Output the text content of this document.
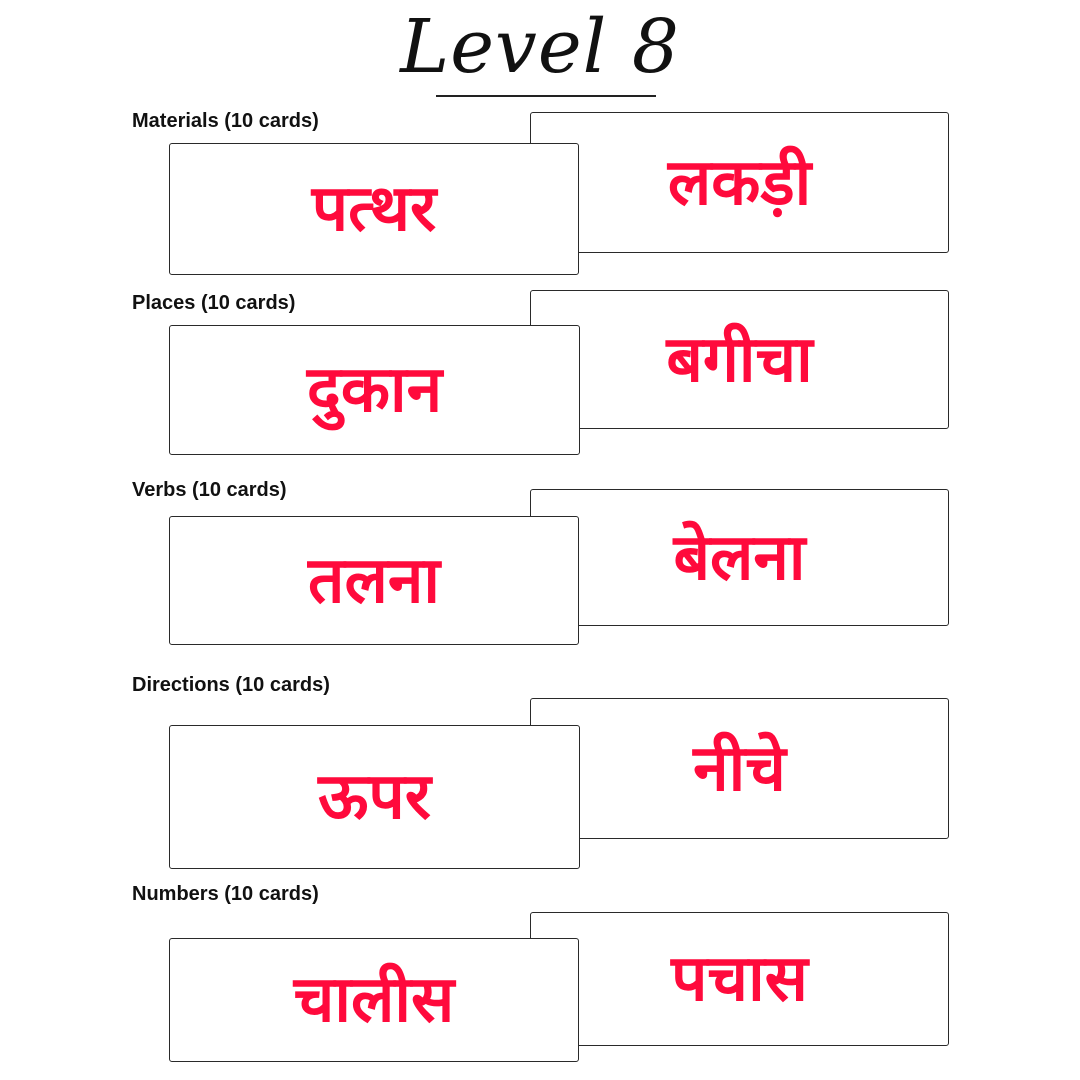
Level 8
Materials (10 cards)
लकड़ी
पत्थर
Places (10 cards)
बगीचा
दुकान
Verbs (10 cards)
बेलना
तलना
Directions (10 cards)
नीचे
ऊपर
Numbers (10 cards)
पचास
चालीस
